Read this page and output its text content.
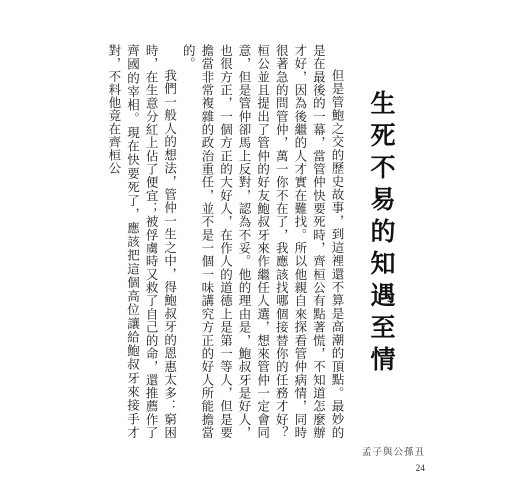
生死不易的知遇至情

但是管鮑之交的歷史故事，到這裡還不算是高潮的頂點。最妙的是在最後的一幕，當管仲快要死時，齊桓公有點著慌，不知道怎麼辦才好，因為後繼的人才實在難找。所以他親自來探看管仲病情，同時很著急的問管仲，萬一你不在了，我應該找哪個接替你的任務才好？桓公並且提出了管仲的好友鮑叔牙來作繼任人選，想來管仲一定會同意，但是管仲卻馬上反對，認為不妥。他的理由是，鮑叔牙是好人，也很方正，一個方正的大好人，在作人的道德上是第一等人，但是要擔當非常複雜的政治重任，並不是一個一味講究方正的好人所能擔當的。

我們一般人的想法，管仲一生之中，得鮑叔牙的恩惠太多：窮困時，在生意分紅上佔了便宜；被俘虜時又救了自己的命，還推薦作了齊國的宰相。現在快要死了，應該把這個高位讓給鮑叔牙來接手才對，不料他竟在齊桓公

孟子與公孫丑
24
